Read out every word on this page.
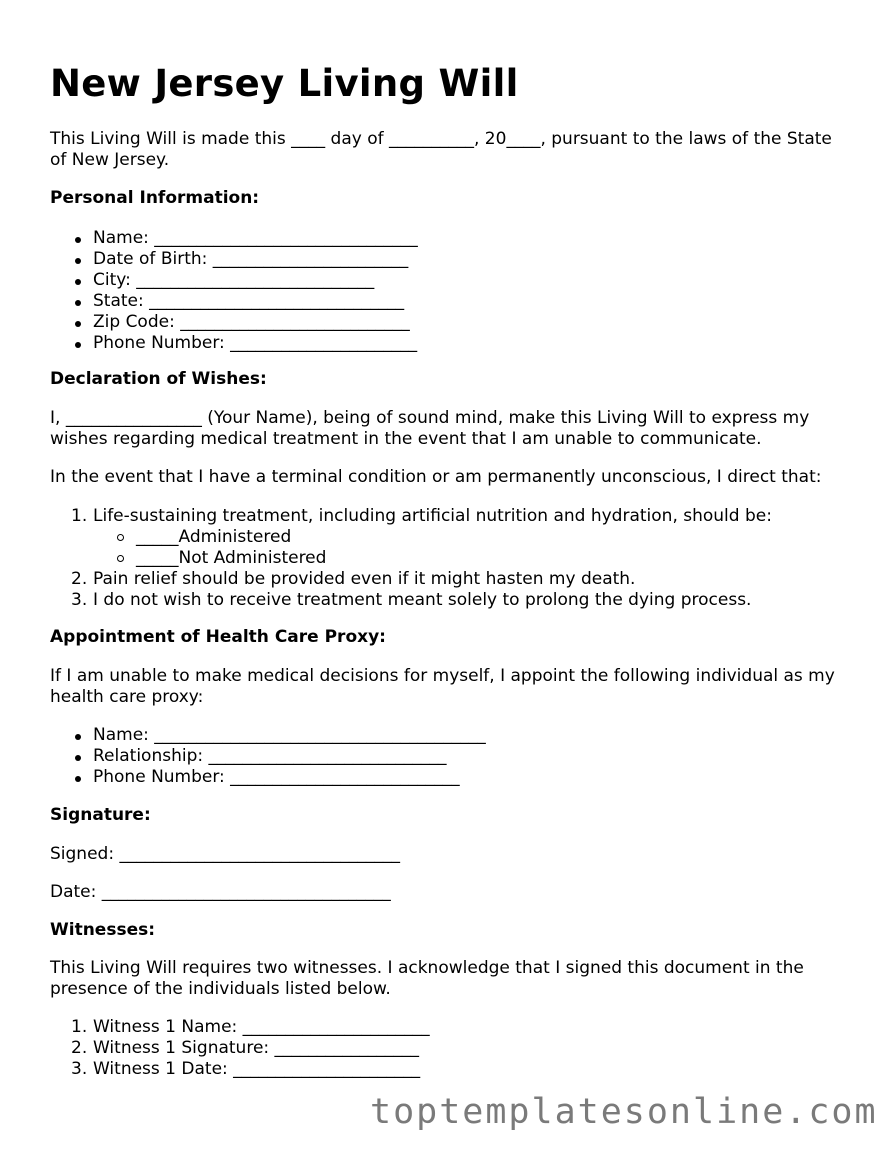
New Jersey Living Will
This Living Will is made this ____ day of __________, 20____, pursuant to the laws of the State of New Jersey.
Personal Information:
Name: _______________________________
Date of Birth: _______________________
City: ____________________________
State: ______________________________
Zip Code: ___________________________
Phone Number: ______________________
Declaration of Wishes:
I, ________________ (Your Name), being of sound mind, make this Living Will to express my wishes regarding medical treatment in the event that I am unable to communicate.
In the event that I have a terminal condition or am permanently unconscious, I direct that:
1. Life-sustaining treatment, including artificial nutrition and hydration, should be:
_____Administered
_____Not Administered
2. Pain relief should be provided even if it might hasten my death.
3. I do not wish to receive treatment meant solely to prolong the dying process.
Appointment of Health Care Proxy:
If I am unable to make medical decisions for myself, I appoint the following individual as my health care proxy:
Name: _______________________________________
Relationship: ____________________________
Phone Number: ___________________________
Signature:
Signed: _________________________________
Date: __________________________________
Witnesses:
This Living Will requires two witnesses. I acknowledge that I signed this document in the presence of the individuals listed below.
1. Witness 1 Name: ______________________
2. Witness 1 Signature: _________________
3. Witness 1 Date: ______________________
toptemplatesonline.com
